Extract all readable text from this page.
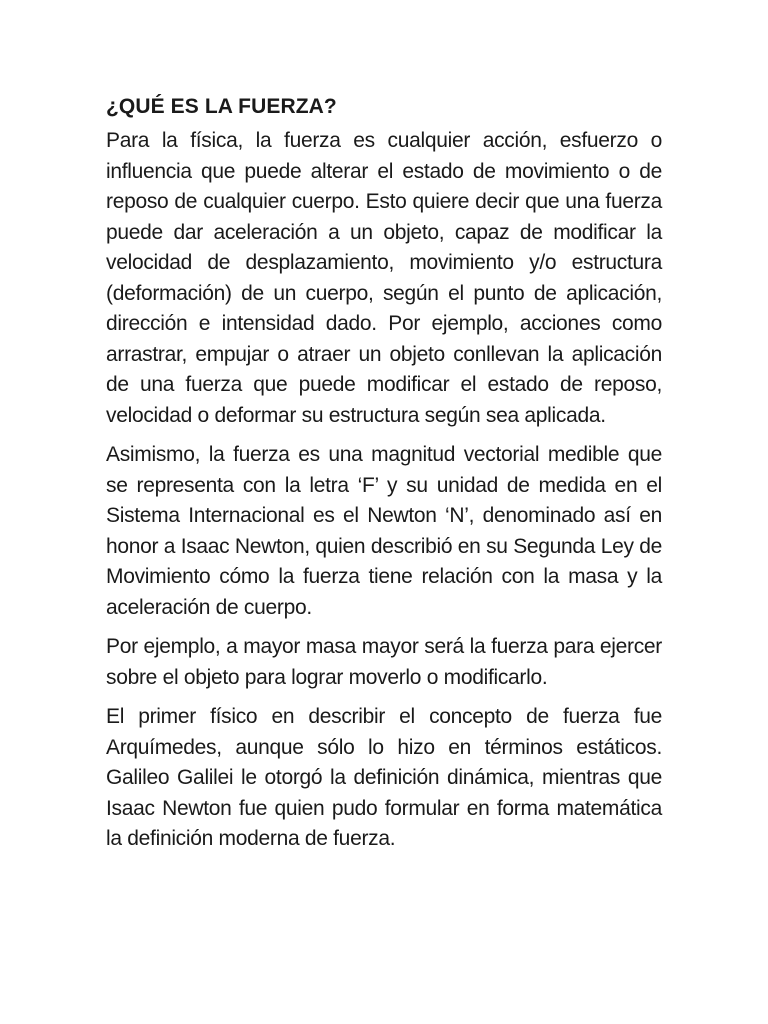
¿QUÉ ES LA FUERZA?

Para la física, la fuerza es cualquier acción, esfuerzo o influencia que puede alterar el estado de movimiento o de reposo de cualquier cuerpo. Esto quiere decir que una fuerza puede dar aceleración a un objeto, capaz de modificar la velocidad de desplazamiento, movimiento y/o estructura (deformación) de un cuerpo, según el punto de aplicación, dirección e intensidad dado. Por ejemplo, acciones como arrastrar, empujar o atraer un objeto conllevan la aplicación de una fuerza que puede modificar el estado de reposo, velocidad o deformar su estructura según sea aplicada.

Asimismo, la fuerza es una magnitud vectorial medible que se representa con la letra ‘F’ y su unidad de medida en el Sistema Internacional es el Newton ‘N’, denominado así en honor a Isaac Newton, quien describió en su Segunda Ley de Movimiento cómo la fuerza tiene relación con la masa y la aceleración de cuerpo.

Por ejemplo, a mayor masa mayor será la fuerza para ejercer sobre el objeto para lograr moverlo o modificarlo.

El primer físico en describir el concepto de fuerza fue Arquímedes, aunque sólo lo hizo en términos estáticos. Galileo Galilei le otorgó la definición dinámica, mientras que Isaac Newton fue quien pudo formular en forma matemática la definición moderna de fuerza.
